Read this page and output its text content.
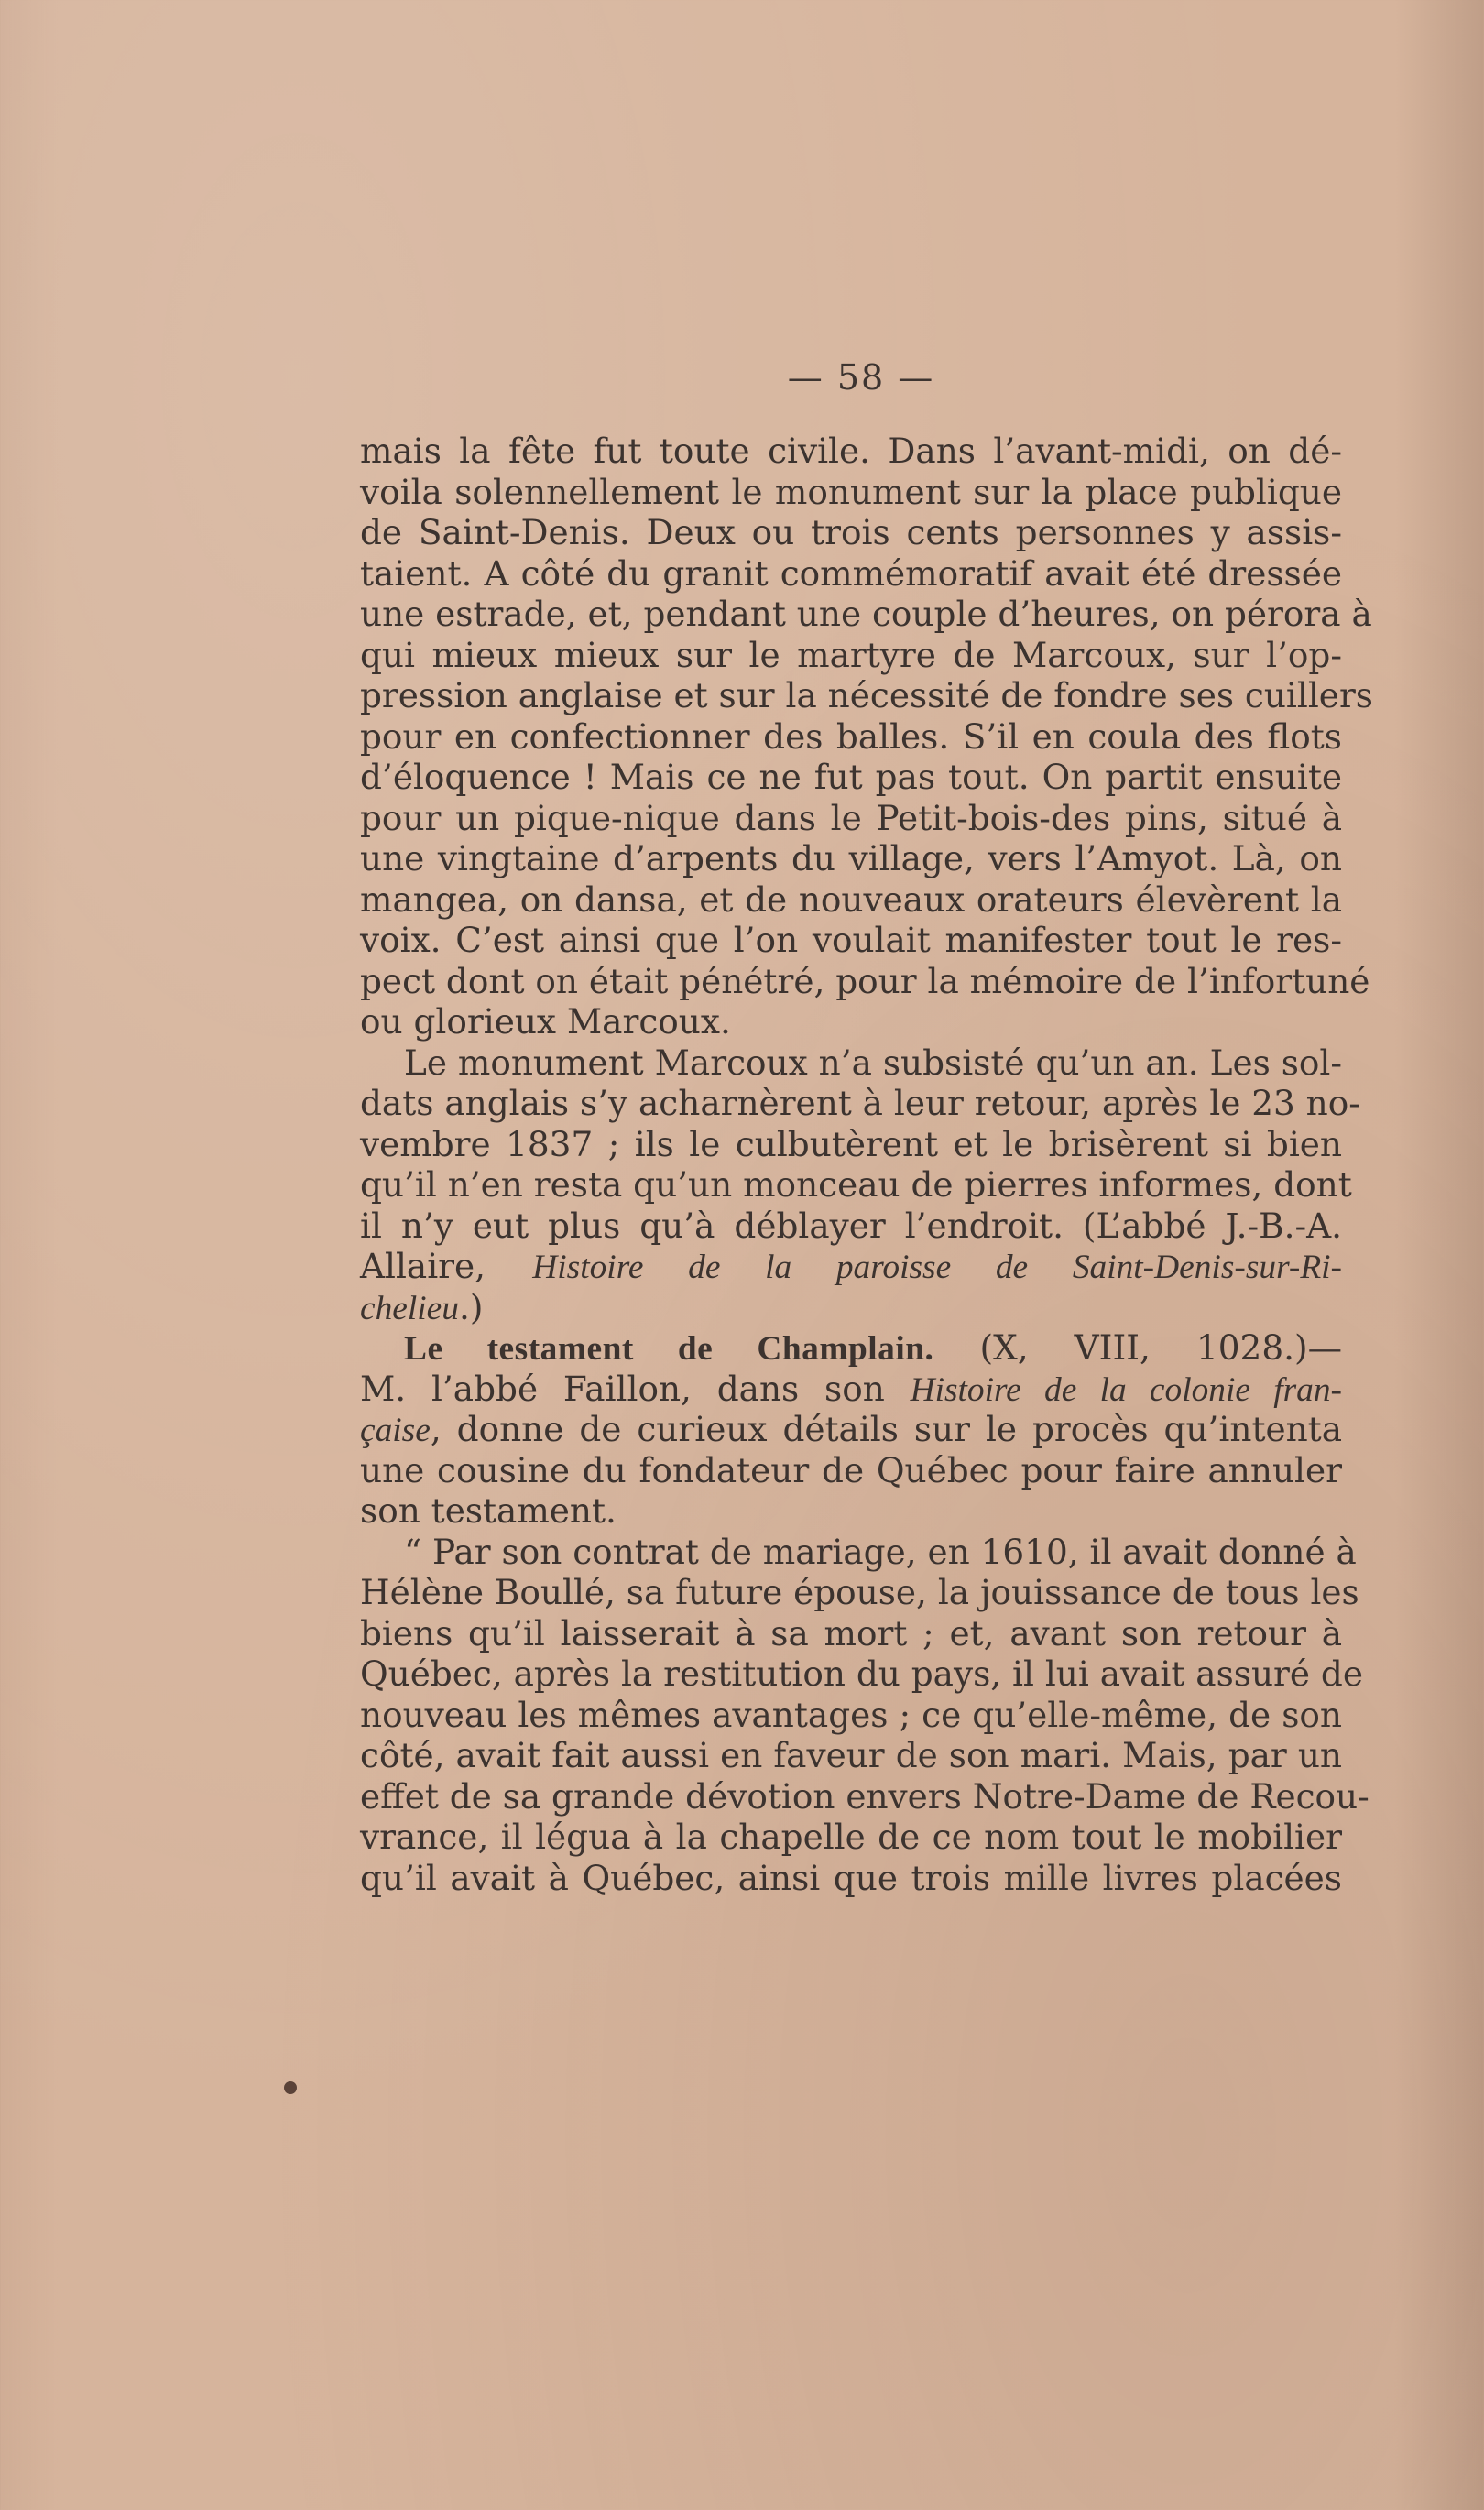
— 58 —
mais la fête fut toute civile. Dans l’avant-midi, on dé-
voila solennellement le monument sur la place publique
de Saint-Denis. Deux ou trois cents personnes y assis-
taient. A côté du granit commémoratif avait été dressée
une estrade, et, pendant une couple d’heures, on pérora à
qui mieux mieux sur le martyre de Marcoux, sur l’op-
pression anglaise et sur la nécessité de fondre ses cuillers
pour en confectionner des balles. S’il en coula des flots
d’éloquence ! Mais ce ne fut pas tout. On partit ensuite
pour un pique-nique dans le Petit-bois-des pins, situé à
une vingtaine d’arpents du village, vers l’Amyot. Là, on
mangea, on dansa, et de nouveaux orateurs élevèrent la
voix. C’est ainsi que l’on voulait manifester tout le res-
pect dont on était pénétré, pour la mémoire de l’infortuné
ou glorieux Marcoux.
Le monument Marcoux n’a subsisté qu’un an. Les sol-
dats anglais s’y acharnèrent à leur retour, après le 23 no-
vembre 1837 ; ils le culbutèrent et le brisèrent si bien
qu’il n’en resta qu’un monceau de pierres informes, dont
il n’y eut plus qu’à déblayer l’endroit. (L’abbé J.-B.-A.
Allaire, Histoire de la paroisse de Saint-Denis-sur-Ri-
chelieu.)
Le testament de Champlain. (X, VIII, 1028.)—
M. l’abbé Faillon, dans son Histoire de la colonie fran-
çaise, donne de curieux détails sur le procès qu’intenta
une cousine du fondateur de Québec pour faire annuler
son testament.
“ Par son contrat de mariage, en 1610, il avait donné à
Hélène Boullé, sa future épouse, la jouissance de tous les
biens qu’il laisserait à sa mort ; et, avant son retour à
Québec, après la restitution du pays, il lui avait assuré de
nouveau les mêmes avantages ; ce qu’elle-même, de son
côté, avait fait aussi en faveur de son mari. Mais, par un
effet de sa grande dévotion envers Notre-Dame de Recou-
vrance, il légua à la chapelle de ce nom tout le mobilier
qu’il avait à Québec, ainsi que trois mille livres placées
